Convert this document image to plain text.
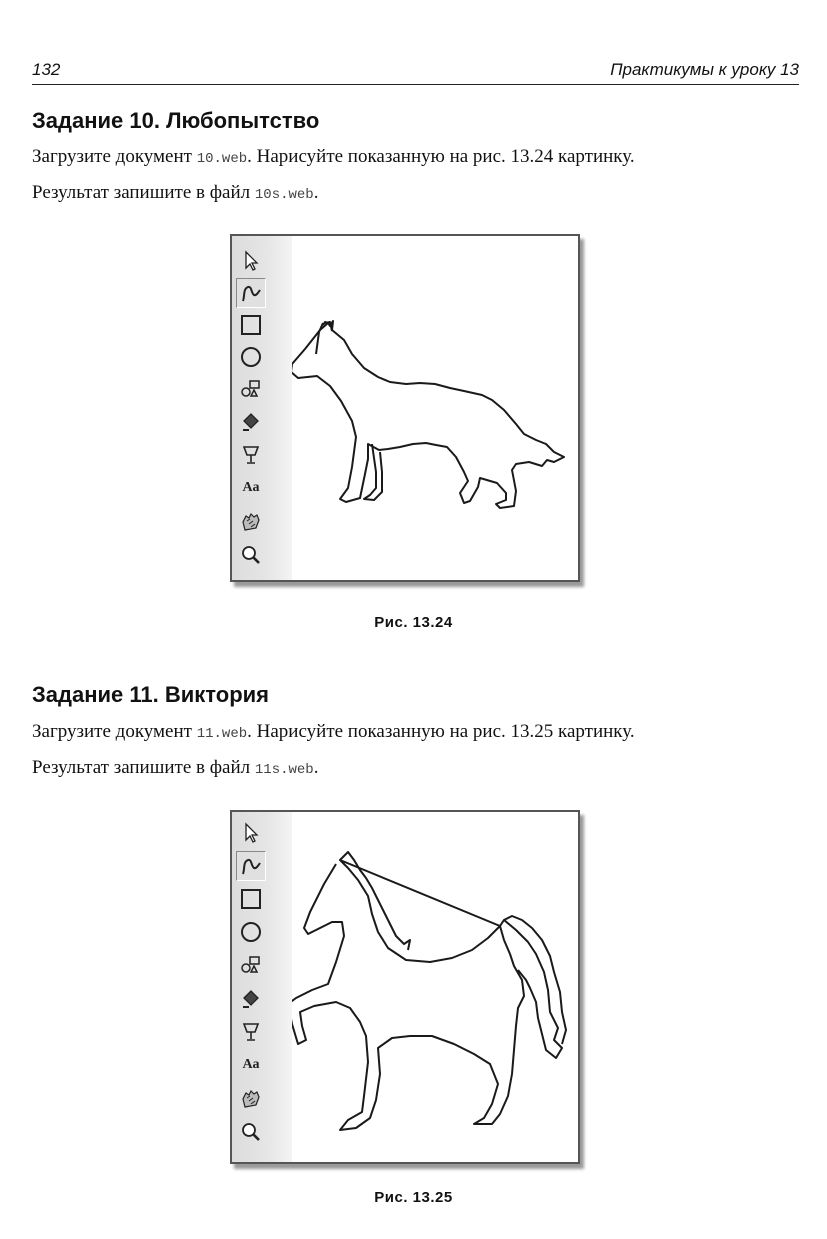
132	Практикумы к уроку 13
Задание 10. Любопытство

Загрузите документ 10.web. Нарисуйте показанную на рис. 13.24 картинку.
Результат запишите в файл 10s.web.

Aa
Рис. 13.24
Задание 11. Виктория

Загрузите документ 11.web. Нарисуйте показанную на рис. 13.25 картинку.
Результат запишите в файл 11s.web.

Aa
Рис. 13.25
